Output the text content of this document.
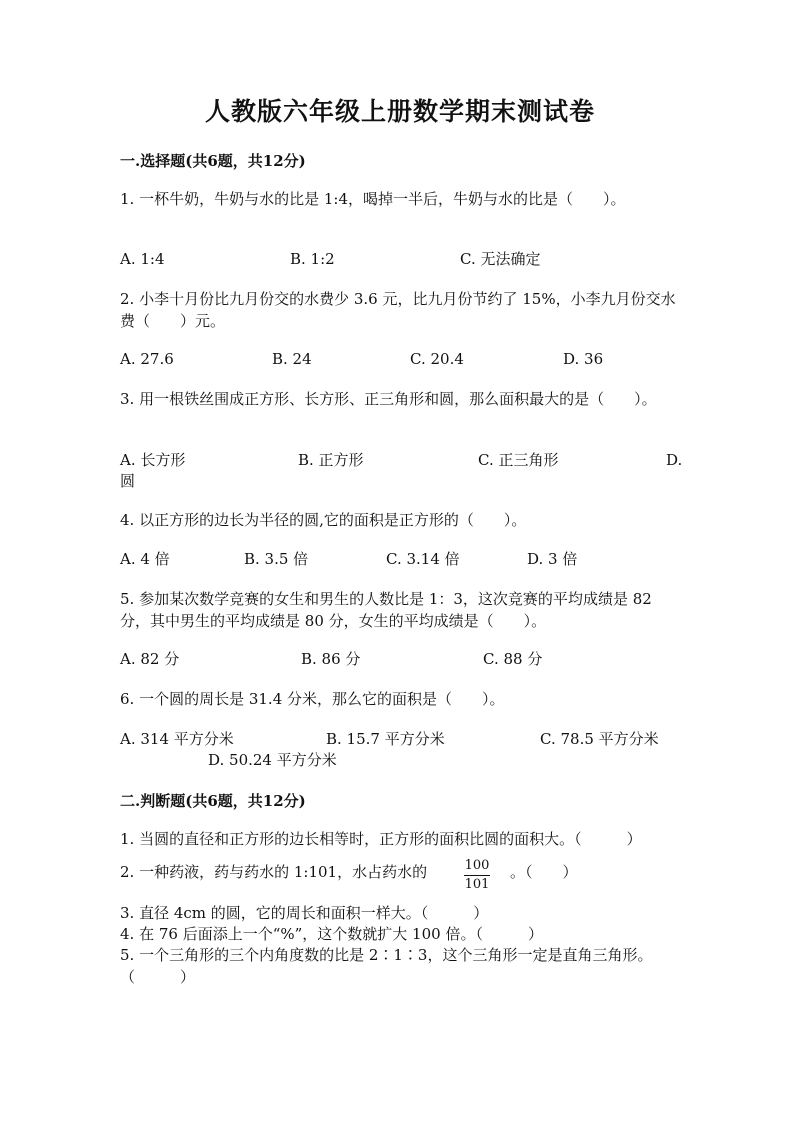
人教版六年级上册数学期末测试卷
一.选择题(共6题，共12分)
1. 一杯牛奶，牛奶与水的比是 1:4，喝掉一半后，牛奶与水的比是（　　）。
A. 1:4	B. 1:2	C. 无法确定
2. 小李十月份比九月份交的水费少 3.6 元，比九月份节约了 15%，小李九月份交水费（　　）元。
A. 27.6	B. 24	C. 20.4	D. 36
3. 用一根铁丝围成正方形、长方形、正三角形和圆，那么面积最大的是（　　）。
A. 长方形	B. 正方形	C. 正三角形	D.
圆
4. 以正方形的边长为半径的圆,它的面积是正方形的（　　）。
A. 4 倍	B. 3.5 倍	C. 3.14 倍	D. 3 倍
5. 参加某次数学竞赛的女生和男生的人数比是 1：3，这次竞赛的平均成绩是 82 分，其中男生的平均成绩是 80 分，女生的平均成绩是（　　）。
A. 82 分	B. 86 分	C. 88 分
6. 一个圆的周长是 31.4 分米，那么它的面积是（　　）。
A. 314 平方分米	B. 15.7 平方分米	C. 78.5 平方分米
D. 50.24 平方分米
二.判断题(共6题，共12分)
1. 当圆的直径和正方形的边长相等时，正方形的面积比圆的面积大。（　　　）
2. 一种药液，药与药水的 1:101，水占药水的	$\frac{100}{101}$ 。（　　）
3. 直径 4cm 的圆，它的周长和面积一样大。（　　　）
4. 在 76 后面添上一个“%”，这个数就扩大 100 倍。（　　　）
5. 一个三角形的三个内角度数的比是 2∶1∶3，这个三角形一定是直角三角形。（　　　）
